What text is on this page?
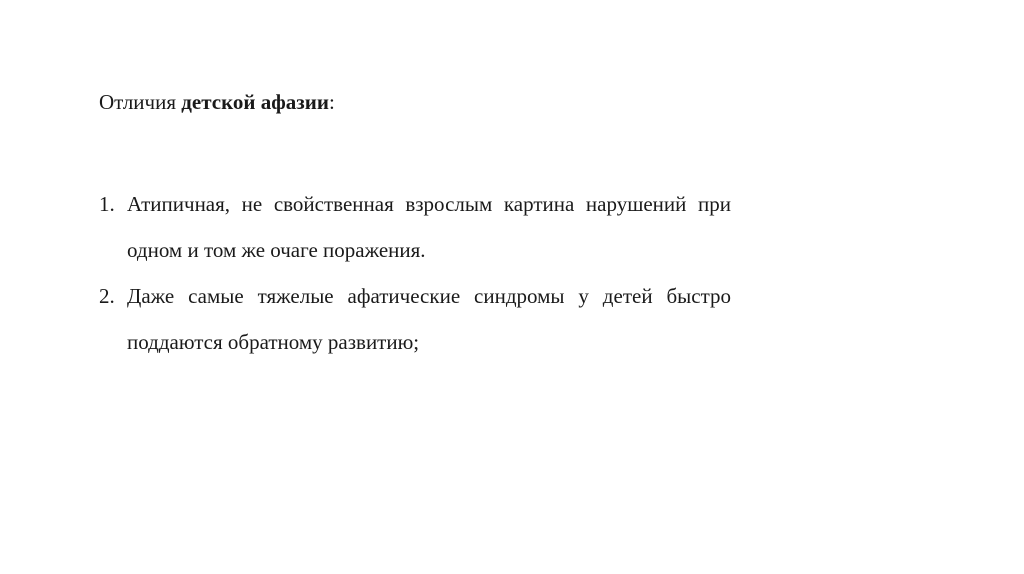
Отличия детской афазии:
1. Атипичная, не свойственная взрослым картина нарушений при одном и том же очаге поражения.
2. Даже самые тяжелые афатические синдромы у детей быстро поддаются обратному развитию;
